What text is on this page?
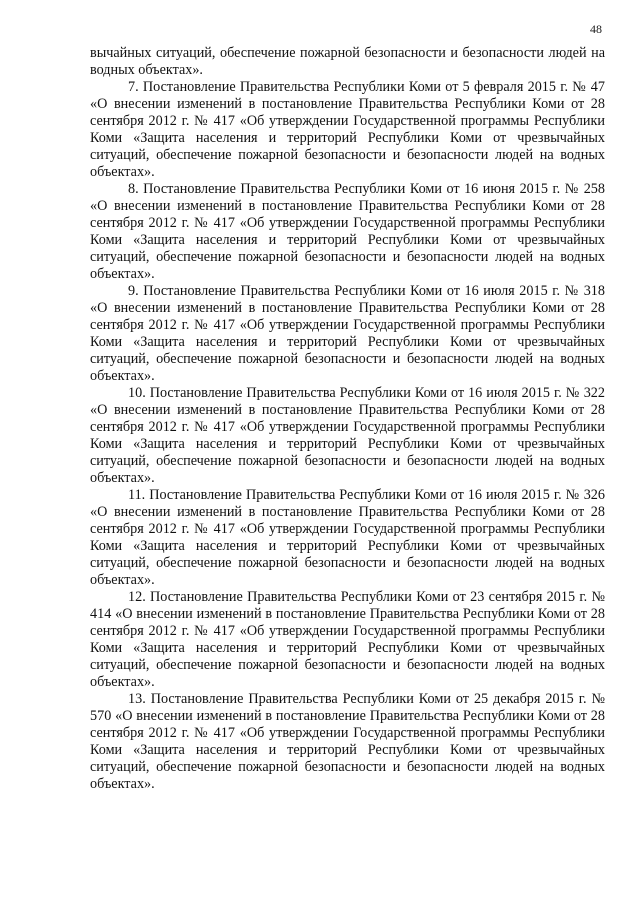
48

вычайных ситуаций, обеспечение пожарной безопасности и безопасности людей на водных объектах».

7. Постановление Правительства Республики Коми от 5 февраля 2015 г. № 47 «О внесении изменений в постановление Правительства Республики Коми от 28 сентября 2012 г. № 417 «Об утверждении Государственной программы Республики Коми «Защита населения и территорий Республики Коми от чрезвычайных ситуаций, обеспечение пожарной безопасности и безопасности людей на водных объектах».

8. Постановление Правительства Республики Коми от 16 июня 2015 г. № 258 «О внесении изменений в постановление Правительства Республики Коми от 28 сентября 2012 г. № 417 «Об утверждении Государственной программы Республики Коми «Защита населения и территорий Республики Коми от чрезвычайных ситуаций, обеспечение пожарной безопасности и безопасности людей на водных объектах».

9. Постановление Правительства Республики Коми от 16 июля 2015 г. № 318 «О внесении изменений в постановление Правительства Республики Коми от 28 сентября 2012 г. № 417 «Об утверждении Государственной программы Республики Коми «Защита населения и территорий Республики Коми от чрезвычайных ситуаций, обеспечение пожарной безопасности и безопасности людей на водных объектах».

10. Постановление Правительства Республики Коми от 16 июля 2015 г. № 322 «О внесении изменений в постановление Правительства Республики Коми от 28 сентября 2012 г. № 417 «Об утверждении Государственной программы Республики Коми «Защита населения и территорий Республики Коми от чрезвычайных ситуаций, обеспечение пожарной безопасности и безопасности людей на водных объектах».

11. Постановление Правительства Республики Коми от 16 июля 2015 г. № 326 «О внесении изменений в постановление Правительства Республики Коми от 28 сентября 2012 г. № 417 «Об утверждении Государственной программы Республики Коми «Защита населения и территорий Республики Коми от чрезвычайных ситуаций, обеспечение пожарной безопасности и безопасности людей на водных объектах».

12. Постановление Правительства Республики Коми от 23 сентября 2015 г. № 414 «О внесении изменений в постановление Правительства Республики Коми от 28 сентября 2012 г. № 417 «Об утверждении Государственной программы Республики Коми «Защита населения и территорий Республики Коми от чрезвычайных ситуаций, обеспечение пожарной безопасности и безопасности людей на водных объектах».

13. Постановление Правительства Республики Коми от 25 декабря 2015 г. № 570 «О внесении изменений в постановление Правительства Республики Коми от 28 сентября 2012 г. № 417 «Об утверждении Государственной программы Республики Коми «Защита населения и территорий Республики Коми от чрезвычайных ситуаций, обеспечение пожарной безопасности и безопасности людей на водных объектах».
